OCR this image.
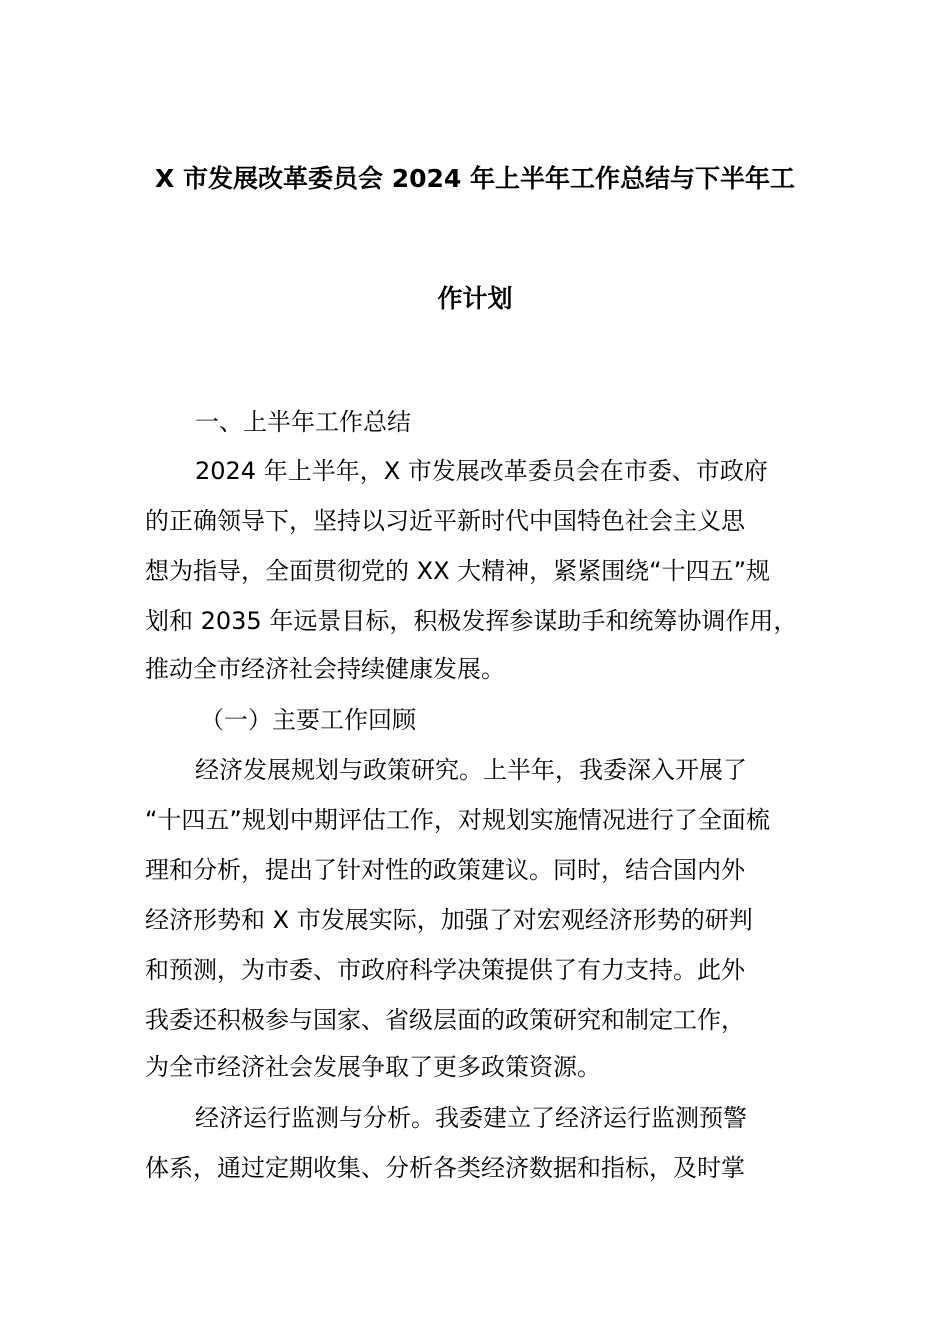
X 市发展改革委员会 2024 年上半年工作总结与下半年工
作计划
一、上半年工作总结
2024 年上半年，X 市发展改革委员会在市委、市政府
的正确领导下，坚持以习近平新时代中国特色社会主义思
想为指导，全面贯彻党的 XX 大精神，紧紧围绕“十四五”规
划和 2035 年远景目标，积极发挥参谋助手和统筹协调作用，
推动全市经济社会持续健康发展。
（一）主要工作回顾
经济发展规划与政策研究。上半年，我委深入开展了
“十四五”规划中期评估工作，对规划实施情况进行了全面梳
理和分析，提出了针对性的政策建议。同时，结合国内外
经济形势和 X 市发展实际，加强了对宏观经济形势的研判
和预测，为市委、市政府科学决策提供了有力支持。此外
我委还积极参与国家、省级层面的政策研究和制定工作，
为全市经济社会发展争取了更多政策资源。
经济运行监测与分析。我委建立了经济运行监测预警
体系，通过定期收集、分析各类经济数据和指标，及时掌
